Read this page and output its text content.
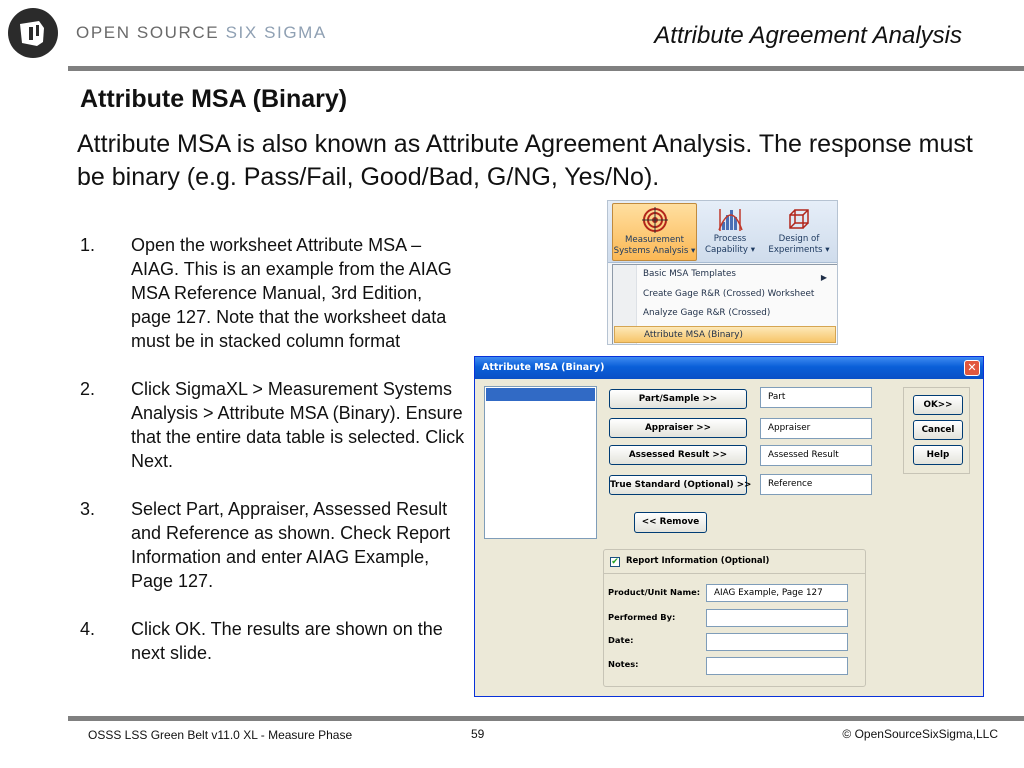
OPEN SOURCE SIX SIGMA	Attribute Agreement Analysis
Attribute MSA (Binary)
Attribute MSA is also known as Attribute Agreement Analysis. The response must be binary (e.g. Pass/Fail, Good/Bad, G/NG, Yes/No).
1. Open the worksheet Attribute MSA – AIAG. This is an example from the AIAG MSA Reference Manual, 3rd Edition, page 127. Note that the worksheet data must be in stacked column format
2. Click SigmaXL > Measurement Systems Analysis > Attribute MSA (Binary). Ensure that the entire data table is selected. Click Next.
3. Select Part, Appraiser, Assessed Result and Reference as shown. Check Report Information and enter AIAG Example, Page 127.
4. Click OK. The results are shown on the next slide.
Measurement
Systems Analysis ▾
Process
Capability ▾
Design of
Experiments ▾
Basic MSA Templates	▶
Create Gage R&R (Crossed) Worksheet
Analyze Gage R&R (Crossed)
Attribute MSA (Binary)
Attribute MSA (Binary)	✕
Part/Sample >>	Part
Appraiser >>	Appraiser
Assessed Result >>	Assessed Result
True Standard (Optional) >>	Reference
<< Remove
OK>>
Cancel
Help
✔ Report Information (Optional)
Product/Unit Name:	AIAG Example, Page 127
Performed By:
Date:
Notes:
OSSS LSS Green Belt v11.0 XL - Measure Phase	59	© OpenSourceSixSigma,LLC
